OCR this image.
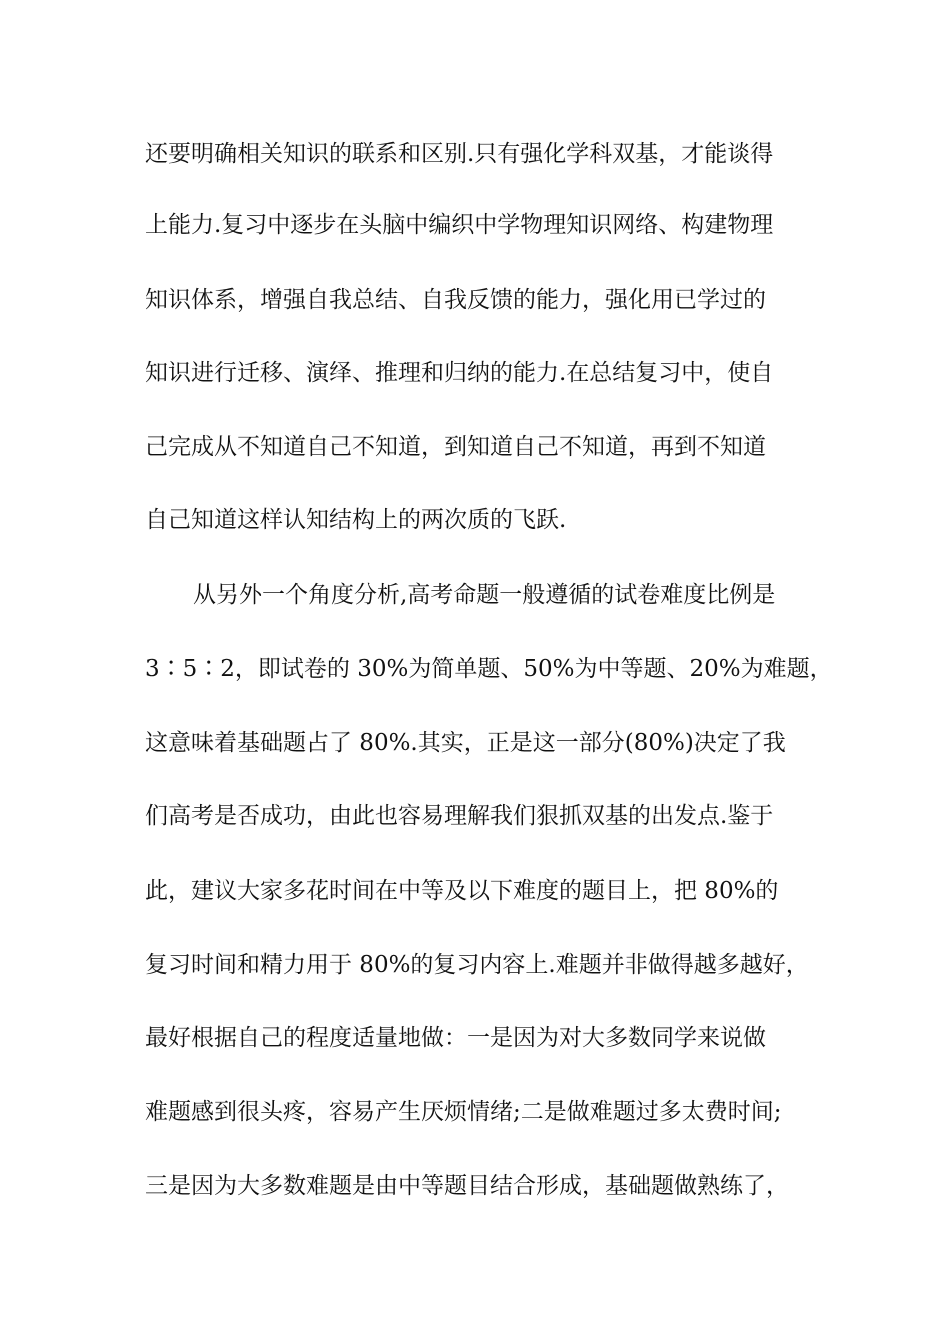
还要明确相关知识的联系和区别.只有强化学科双基，才能谈得
上能力.复习中逐步在头脑中编织中学物理知识网络、构建物理
知识体系，增强自我总结、自我反馈的能力，强化用已学过的
知识进行迁移、演绎、推理和归纳的能力.在总结复习中，使自
己完成从不知道自己不知道，到知道自己不知道，再到不知道
自己知道这样认知结构上的两次质的飞跃.
从另外一个角度分析,高考命题一般遵循的试卷难度比例是
3∶5∶2，即试卷的 30%为简单题、50%为中等题、20%为难题，
这意味着基础题占了 80%.其实，正是这一部分(80%)决定了我
们高考是否成功，由此也容易理解我们狠抓双基的出发点.鉴于
此，建议大家多花时间在中等及以下难度的题目上，把 80%的
复习时间和精力用于 80%的复习内容上.难题并非做得越多越好，
最好根据自己的程度适量地做：一是因为对大多数同学来说做
难题感到很头疼，容易产生厌烦情绪;二是做难题过多太费时间;
三是因为大多数难题是由中等题目结合形成，基础题做熟练了，
